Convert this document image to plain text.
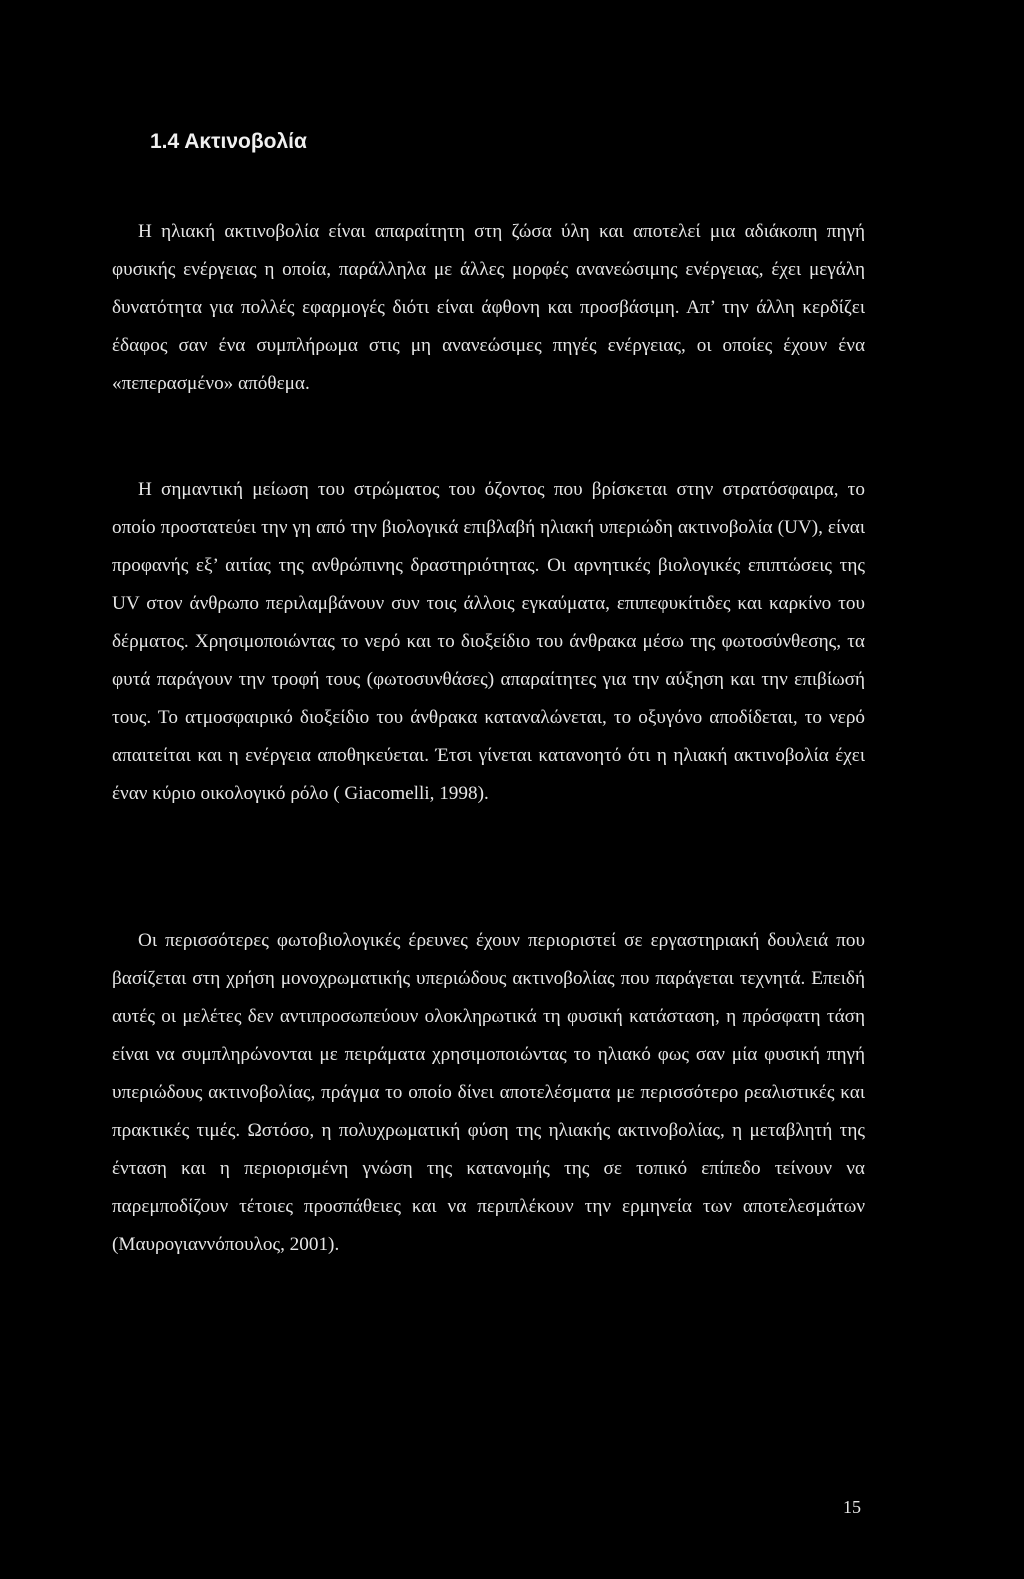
1.4 Ακτινοβολία

Η ηλιακή ακτινοβολία είναι απαραίτητη στη ζώσα ύλη και αποτελεί μια αδιάκοπη πηγή φυσικής ενέργειας η οποία, παράλληλα με άλλες μορφές ανανεώσιμης ενέργειας, έχει μεγάλη δυνατότητα για πολλές εφαρμογές διότι είναι άφθονη και προσβάσιμη. Απ’ την άλλη κερδίζει έδαφος σαν ένα συμπλήρωμα στις μη ανανεώσιμες πηγές ενέργειας, οι οποίες έχουν ένα «πεπερασμένο» απόθεμα.

Η σημαντική μείωση του στρώματος του όζοντος που βρίσκεται στην στρατόσφαιρα, το οποίο προστατεύει την γη από την βιολογικά επιβλαβή ηλιακή υπεριώδη ακτινοβολία (UV), είναι προφανής εξ’ αιτίας της ανθρώπινης δραστηριότητας. Οι αρνητικές βιολογικές επιπτώσεις της UV στον άνθρωπο περιλαμβάνουν συν τοις άλλοις εγκαύματα, επιπεφυκίτιδες και καρκίνο του δέρματος. Χρησιμοποιώντας το νερό και το διοξείδιο του άνθρακα μέσω της φωτοσύνθεσης, τα φυτά παράγουν την τροφή τους (φωτοσυνθάσες) απαραίτητες για την αύξηση και την επιβίωσή τους. Το ατμοσφαιρικό διοξείδιο του άνθρακα καταναλώνεται, το οξυγόνο αποδίδεται, το νερό απαιτείται και η ενέργεια αποθηκεύεται. Έτσι γίνεται κατανοητό ότι η ηλιακή ακτινοβολία έχει έναν κύριο οικολογικό ρόλο ( Giacomelli, 1998).

Οι περισσότερες φωτοβιολογικές έρευνες έχουν περιοριστεί σε εργαστηριακή δουλειά που βασίζεται στη χρήση μονοχρωματικής υπεριώδους ακτινοβολίας που παράγεται τεχνητά. Επειδή αυτές οι μελέτες δεν αντιπροσωπεύουν ολοκληρωτικά τη φυσική κατάσταση, η πρόσφατη τάση είναι να συμπληρώνονται με πειράματα χρησιμοποιώντας το ηλιακό φως σαν μία φυσική πηγή υπεριώδους ακτινοβολίας, πράγμα το οποίο δίνει αποτελέσματα με περισσότερο ρεαλιστικές και πρακτικές τιμές. Ωστόσο, η πολυχρωματική φύση της ηλιακής ακτινοβολίας, η μεταβλητή της ένταση και η περιορισμένη γνώση της κατανομής της σε τοπικό επίπεδο τείνουν να παρεμποδίζουν τέτοιες προσπάθειες και να περιπλέκουν την ερμηνεία των αποτελεσμάτων (Μαυρογιαννόπουλος, 2001).

15
